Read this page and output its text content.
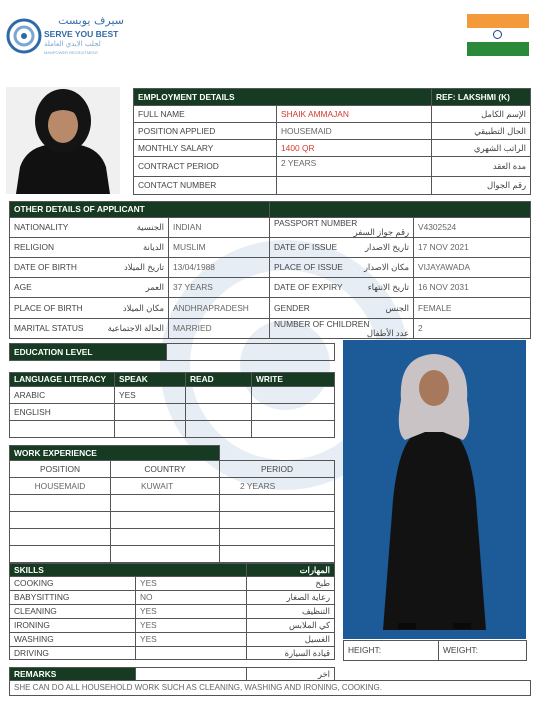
سيرف يوبست
SERVE YOU BEST
لجلب الايدي العاملة
MANPOWER RECRUITMENT
EMPLOYMENT DETAILS		REF: LAKSHMI (K)
FULL NAME	SHAIK AMMAJAN	الإسم الكامل
POSITION APPLIED	HOUSEMAID	الحال التطبيقي
MONTHLY SALARY	1400 QR	الراتب الشهري
CONTRACT PERIOD	2 YEARS	مدة العقد
CONTACT NUMBER		رقم الجوال
OTHER DETAILS OF APPLICANT			
NATIONALITY الجنسية	INDIAN	PASSPORT NUMBER
رقم جواز السفر	V4302524
RELIGION الديانة	MUSLIM	DATE OF ISSUE تاريخ الاصدار	17 NOV 2021
DATE OF BIRTH تاريخ الميلاد	13/04/1988	PLACE OF ISSUE مكان الاصدار	VIJAYAWADA
AGE العمر	37 YEARS	DATE OF EXPIRY تاريخ الانتهاء	16 NOV 2031
PLACE OF BIRTH مكان الميلاد	ANDHRAPRADESH	GENDER الجنس	FEMALE
MARITAL STATUS الحالة الاجتماعية	MARRIED	NUMBER OF CHILDREN
عدد الأطفال	2
EDUCATION LEVEL	
LANGUAGE LITERACY	SPEAK	READ	WRITE
ARABIC	YES		
ENGLISH			

WORK EXPERIENCE		
POSITION	COUNTRY	PERIOD
HOUSEMAID	KUWAIT	2 YEARS

SKILLS		المهارات
COOKING	YES	طبخ
BABYSITTING	NO	رعاية الصغار
CLEANING	YES	التنظيف
IRONING	YES	كي الملابس
WASHING	YES	الغسيل
DRIVING		قيادة السيارة
REMARKS		اخر	
SHE CAN DO ALL HOUSEHOLD WORK SUCH AS CLEANING, WASHING AND IRONING, COOKING.
HEIGHT:	WEIGHT:
